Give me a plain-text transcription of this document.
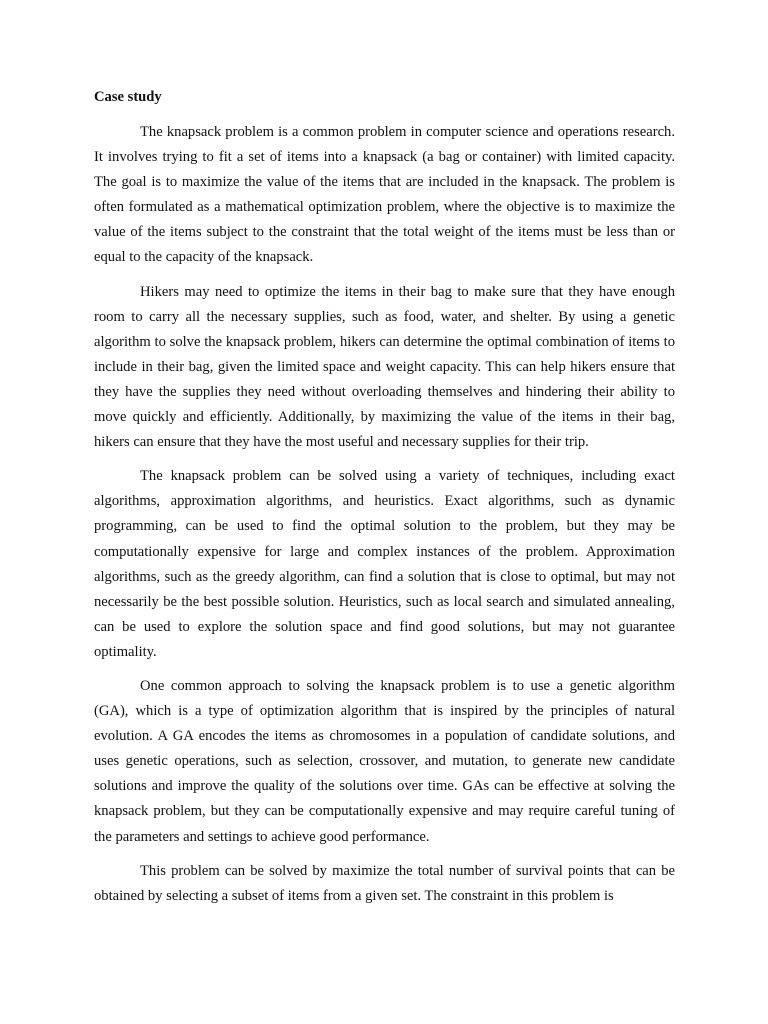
Case study

The knapsack problem is a common problem in computer science and operations research. It involves trying to fit a set of items into a knapsack (a bag or container) with limited capacity. The goal is to maximize the value of the items that are included in the knapsack. The problem is often formulated as a mathematical optimization problem, where the objective is to maximize the value of the items subject to the constraint that the total weight of the items must be less than or equal to the capacity of the knapsack.

Hikers may need to optimize the items in their bag to make sure that they have enough room to carry all the necessary supplies, such as food, water, and shelter. By using a genetic algorithm to solve the knapsack problem, hikers can determine the optimal combination of items to include in their bag, given the limited space and weight capacity. This can help hikers ensure that they have the supplies they need without overloading themselves and hindering their ability to move quickly and efficiently. Additionally, by maximizing the value of the items in their bag, hikers can ensure that they have the most useful and necessary supplies for their trip.

The knapsack problem can be solved using a variety of techniques, including exact algorithms, approximation algorithms, and heuristics. Exact algorithms, such as dynamic programming, can be used to find the optimal solution to the problem, but they may be computationally expensive for large and complex instances of the problem. Approximation algorithms, such as the greedy algorithm, can find a solution that is close to optimal, but may not necessarily be the best possible solution. Heuristics, such as local search and simulated annealing, can be used to explore the solution space and find good solutions, but may not guarantee optimality.

One common approach to solving the knapsack problem is to use a genetic algorithm (GA), which is a type of optimization algorithm that is inspired by the principles of natural evolution. A GA encodes the items as chromosomes in a population of candidate solutions, and uses genetic operations, such as selection, crossover, and mutation, to generate new candidate solutions and improve the quality of the solutions over time. GAs can be effective at solving the knapsack problem, but they can be computationally expensive and may require careful tuning of the parameters and settings to achieve good performance.

This problem can be solved by maximize the total number of survival points that can be obtained by selecting a subset of items from a given set. The constraint in this problem is
